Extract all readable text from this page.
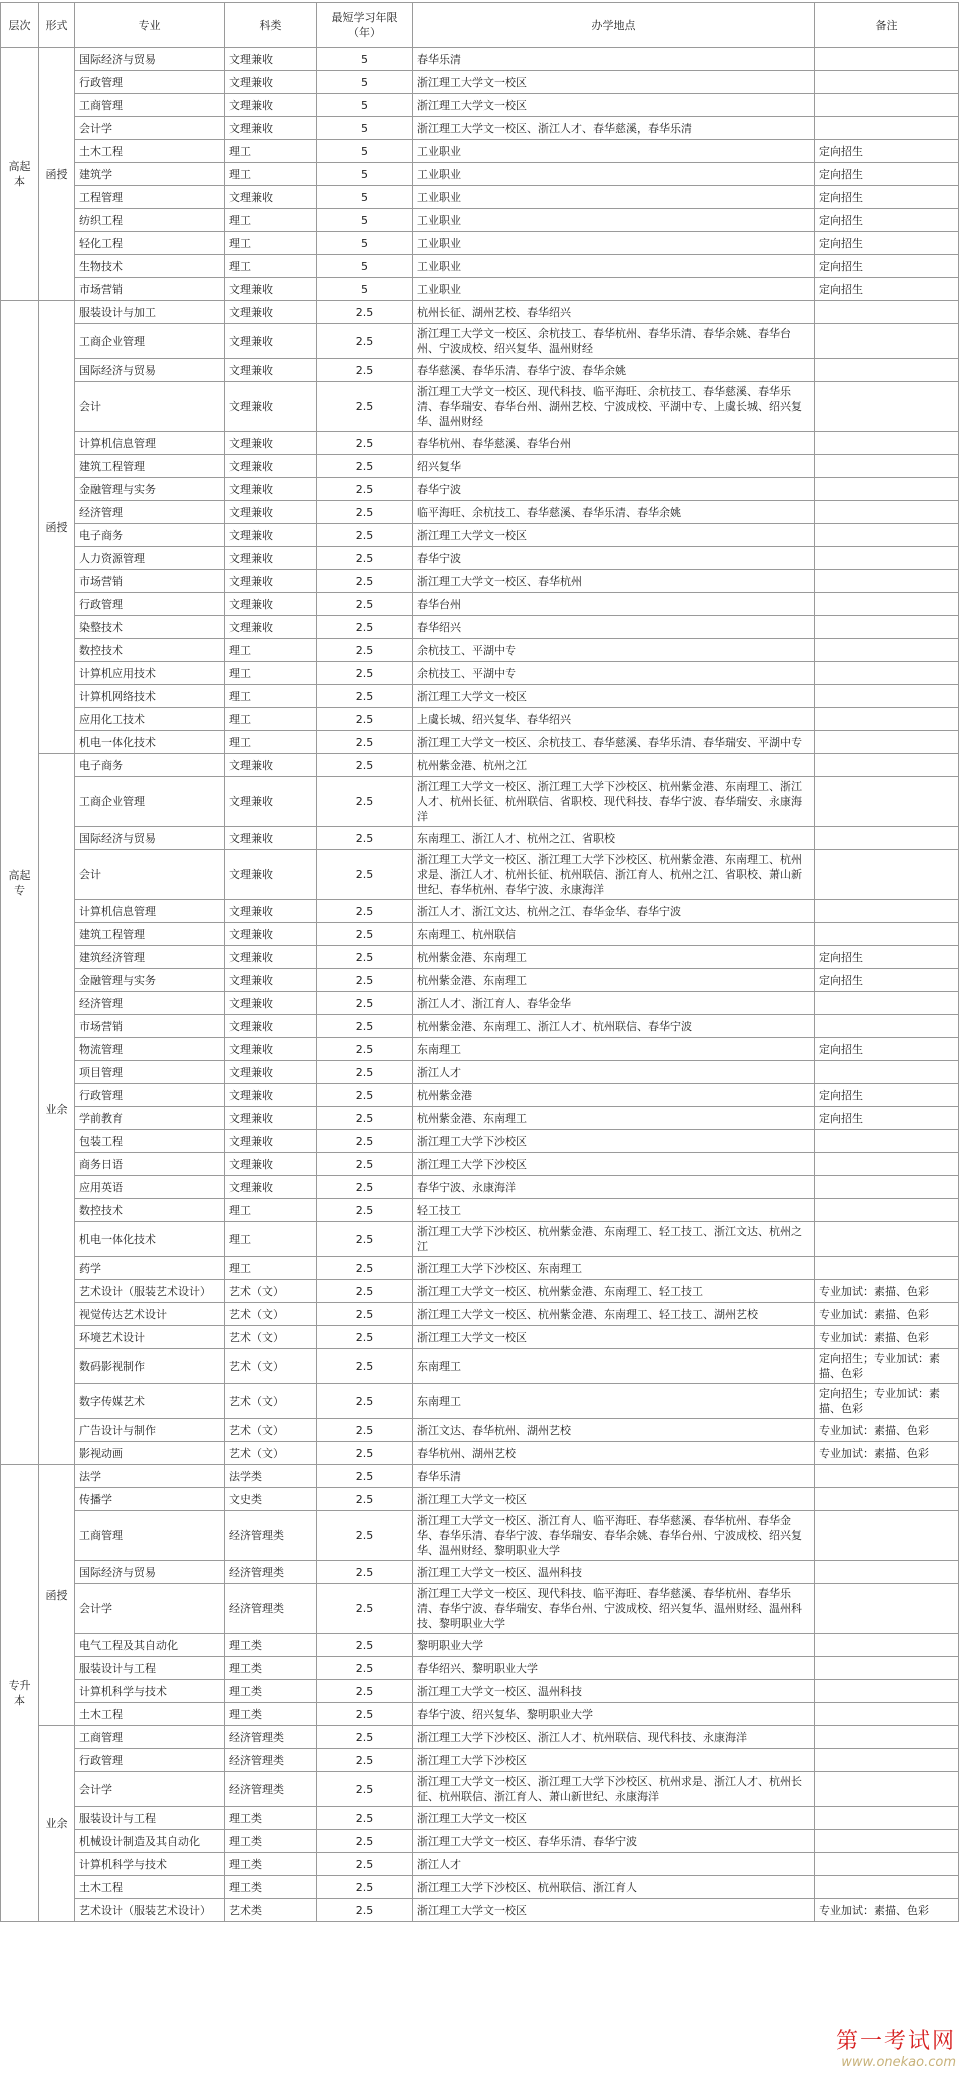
层次	形式	专业	科类	最短学习年限（年）	办学地点	备注
高起本	函授	国际经济与贸易	文理兼收	5	春华乐清	
		行政管理	文理兼收	5	浙江理工大学文一校区	
		工商管理	文理兼收	5	浙江理工大学文一校区	
		会计学	文理兼收	5	浙江理工大学文一校区、浙江人才、春华慈溪，春华乐清	
		土木工程	理工	5	工业职业	定向招生
		建筑学	理工	5	工业职业	定向招生
		工程管理	文理兼收	5	工业职业	定向招生
		纺织工程	理工	5	工业职业	定向招生
		轻化工程	理工	5	工业职业	定向招生
		生物技术	理工	5	工业职业	定向招生
		市场营销	文理兼收	5	工业职业	定向招生
高起专	函授	服装设计与加工	文理兼收	2.5	杭州长征、湖州艺校、春华绍兴	
		工商企业管理	文理兼收	2.5	浙江理工大学文一校区、余杭技工、春华杭州、春华乐清、春华余姚、春华台州、宁波成校、绍兴复华、温州财经	
		国际经济与贸易	文理兼收	2.5	春华慈溪、春华乐清、春华宁波、春华余姚	
		会计	文理兼收	2.5	浙江理工大学文一校区、现代科技、临平海旺、余杭技工、春华慈溪、春华乐清、春华瑞安、春华台州、湖州艺校、宁波成校、平湖中专、上虞长城、绍兴复华、温州财经	
		计算机信息管理	文理兼收	2.5	春华杭州、春华慈溪、春华台州	
		建筑工程管理	文理兼收	2.5	绍兴复华	
		金融管理与实务	文理兼收	2.5	春华宁波	
		经济管理	文理兼收	2.5	临平海旺、余杭技工、春华慈溪、春华乐清、春华余姚	
		电子商务	文理兼收	2.5	浙江理工大学文一校区	
		人力资源管理	文理兼收	2.5	春华宁波	
		市场营销	文理兼收	2.5	浙江理工大学文一校区、春华杭州	
		行政管理	文理兼收	2.5	春华台州	
		染整技术	文理兼收	2.5	春华绍兴	
		数控技术	理工	2.5	余杭技工、平湖中专	
		计算机应用技术	理工	2.5	余杭技工、平湖中专	
		计算机网络技术	理工	2.5	浙江理工大学文一校区	
		应用化工技术	理工	2.5	上虞长城、绍兴复华、春华绍兴	
		机电一体化技术	理工	2.5	浙江理工大学文一校区、余杭技工、春华慈溪、春华乐清、春华瑞安、平湖中专	
	业余	电子商务	文理兼收	2.5	杭州紫金港、杭州之江	
		工商企业管理	文理兼收	2.5	浙江理工大学文一校区、浙江理工大学下沙校区、杭州紫金港、东南理工、浙江人才、杭州长征、杭州联信、省职校、现代科技、春华宁波、春华瑞安、永康海洋	
		国际经济与贸易	文理兼收	2.5	东南理工、浙江人才、杭州之江、省职校	
		会计	文理兼收	2.5	浙江理工大学文一校区、浙江理工大学下沙校区、杭州紫金港、东南理工、杭州求是、浙江人才、杭州长征、杭州联信、浙江育人、杭州之江、省职校、萧山新世纪、春华杭州、春华宁波、永康海洋	
		计算机信息管理	文理兼收	2.5	浙江人才、浙江文达、杭州之江、春华金华、春华宁波	
		建筑工程管理	文理兼收	2.5	东南理工、杭州联信	
		建筑经济管理	文理兼收	2.5	杭州紫金港、东南理工	定向招生
		金融管理与实务	文理兼收	2.5	杭州紫金港、东南理工	定向招生
		经济管理	文理兼收	2.5	浙江人才、浙江育人、春华金华	
		市场营销	文理兼收	2.5	杭州紫金港、东南理工、浙江人才、杭州联信、春华宁波	
		物流管理	文理兼收	2.5	东南理工	定向招生
		项目管理	文理兼收	2.5	浙江人才	
		行政管理	文理兼收	2.5	杭州紫金港	定向招生
		学前教育	文理兼收	2.5	杭州紫金港、东南理工	定向招生
		包装工程	文理兼收	2.5	浙江理工大学下沙校区	
		商务日语	文理兼收	2.5	浙江理工大学下沙校区	
		应用英语	文理兼收	2.5	春华宁波、永康海洋	
		数控技术	理工	2.5	轻工技工	
		机电一体化技术	理工	2.5	浙江理工大学下沙校区、杭州紫金港、东南理工、轻工技工、浙江文达、杭州之江	
		药学	理工	2.5	浙江理工大学下沙校区、东南理工	
		艺术设计（服装艺术设计）	艺术（文）	2.5	浙江理工大学文一校区、杭州紫金港、东南理工、轻工技工	专业加试：素描、色彩
		视觉传达艺术设计	艺术（文）	2.5	浙江理工大学文一校区、杭州紫金港、东南理工、轻工技工、湖州艺校	专业加试：素描、色彩
		环境艺术设计	艺术（文）	2.5	浙江理工大学文一校区	专业加试：素描、色彩
		数码影视制作	艺术（文）	2.5	东南理工	定向招生；专业加试：素描、色彩
		数字传媒艺术	艺术（文）	2.5	东南理工	定向招生；专业加试：素描、色彩
		广告设计与制作	艺术（文）	2.5	浙江文达、春华杭州、湖州艺校	专业加试：素描、色彩
		影视动画	艺术（文）	2.5	春华杭州、湖州艺校	专业加试：素描、色彩
专升本	函授	法学	法学类	2.5	春华乐清	
		传播学	文史类	2.5	浙江理工大学文一校区	
		工商管理	经济管理类	2.5	浙江理工大学文一校区、浙江育人、临平海旺、春华慈溪、春华杭州、春华金华、春华乐清、春华宁波、春华瑞安、春华余姚、春华台州、宁波成校、绍兴复华、温州财经、黎明职业大学	
		国际经济与贸易	经济管理类	2.5	浙江理工大学文一校区、温州科技	
		会计学	经济管理类	2.5	浙江理工大学文一校区、现代科技、临平海旺、春华慈溪、春华杭州、春华乐清、春华宁波、春华瑞安、春华台州、宁波成校、绍兴复华、温州财经、温州科技、黎明职业大学	
		电气工程及其自动化	理工类	2.5	黎明职业大学	
		服装设计与工程	理工类	2.5	春华绍兴、黎明职业大学	
		计算机科学与技术	理工类	2.5	浙江理工大学文一校区、温州科技	
		土木工程	理工类	2.5	春华宁波、绍兴复华、黎明职业大学	
	业余	工商管理	经济管理类	2.5	浙江理工大学下沙校区、浙江人才、杭州联信、现代科技、永康海洋	
		行政管理	经济管理类	2.5	浙江理工大学下沙校区	
		会计学	经济管理类	2.5	浙江理工大学文一校区、浙江理工大学下沙校区、杭州求是、浙江人才、杭州长征、杭州联信、浙江育人、萧山新世纪、永康海洋	
		服装设计与工程	理工类	2.5	浙江理工大学文一校区	
		机械设计制造及其自动化	理工类	2.5	浙江理工大学文一校区、春华乐清、春华宁波	
		计算机科学与技术	理工类	2.5	浙江人才	
		土木工程	理工类	2.5	浙江理工大学下沙校区、杭州联信、浙江育人	
		艺术设计（服装艺术设计）	艺术类	2.5	浙江理工大学文一校区	专业加试：素描、色彩
第一考试网
www.onekao.com
